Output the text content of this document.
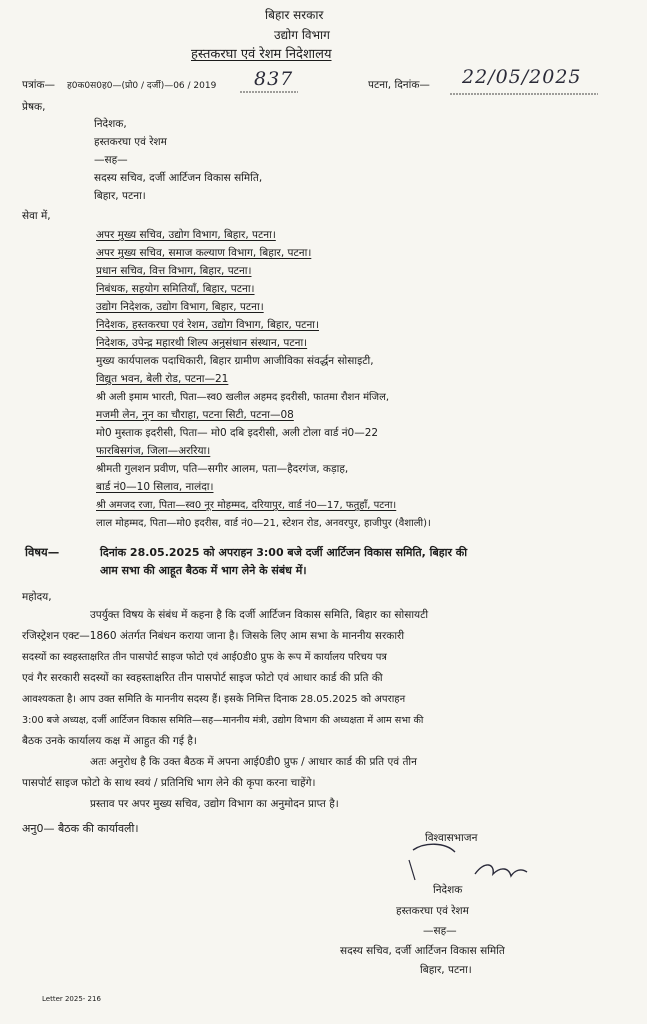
बिहार सरकार
उद्योग विभाग
हस्तकरघा एवं रेशम निदेशालय
पत्रांक— ह0क0स0ह0—(प्रो0 / दर्जी)—06 / 2019 837	पटना, दिनांक— 22/05/2025
प्रेषक,
निदेशक,
हस्तकरघा एवं रेशम
—सह—
सदस्य सचिव, दर्जी आर्टिजन विकास समिति,
बिहार, पटना।
सेवा में,
अपर मुख्य सचिव, उद्योग विभाग, बिहार, पटना।
अपर मुख्य सचिव, समाज कल्याण विभाग, बिहार, पटना।
प्रधान सचिव, वित्त विभाग, बिहार, पटना।
निबंधक, सहयोग समितियाँ, बिहार, पटना।
उद्योग निदेशक, उद्योग विभाग, बिहार, पटना।
निदेशक, हस्तकरघा एवं रेशम, उद्योग विभाग, बिहार, पटना।
निदेशक, उपेन्द्र महारथी शिल्प अनुसंधान संस्थान, पटना।
मुख्य कार्यपालक पदाधिकारी, बिहार ग्रामीण आजीविका संवर्द्धन सोसाइटी,
विद्युत भवन, बेली रोड, पटना—21
श्री अली इमाम भारती, पिता—स्व0 खलील अहमद इदरीसी, फातमा रौशन मंजिल,
मजमी लेन, नून का चौराहा, पटना सिटी, पटना—08
मो0 मुस्ताक इदरीसी, पिता— मो0 दबि इदरीसी, अली टोला वार्ड नं0—22
फारबिसगंज, जिला—अररिया।
श्रीमती गुलशन प्रवीण, पति—सगीर आलम, पता—हैदरगंज, कड़ाह,
बार्ड नं0—10 सिलाव, नालंदा।
श्री अमजद रजा, पिता—स्व0 नूर मोहम्मद, दरियापुर, वार्ड नं0—17, फतुहाँ, पटना।
लाल मोहम्मद, पिता—मो0 इदरीस, वार्ड नं0—21, स्टेशन रोड, अनवरपुर, हाजीपुर (वैशाली)।
विषय—	दिनांक 28.05.2025 को अपराहन 3:00 बजे दर्जी आर्टिजन विकास समिति, बिहार की
आम सभा की आहूत बैठक में भाग लेने के संबंध में।
महोदय,
उपर्युक्त विषय के संबंध में कहना है कि दर्जी आर्टिजन विकास समिति, बिहार का सोसायटी
रजिस्ट्रेशन एक्ट—1860 अंतर्गत निबंधन कराया जाना है। जिसके लिए आम सभा के माननीय सरकारी
सदस्यों का स्वहस्ताक्षरित तीन पासपोर्ट साइज फोटो एवं आई0डी0 प्रुफ के रूप में कार्यालय परिचय पत्र
एवं गैर सरकारी सदस्यों का स्वहस्ताक्षरित तीन पासपोर्ट साइज फोटो एवं आधार कार्ड की प्रति की
आवश्यकता है। आप उक्त समिति के माननीय सदस्य हैं। इसके निमित्त दिनाक 28.05.2025 को अपराहन
3:00 बजे अध्यक्ष, दर्जी आर्टिजन विकास समिति—सह—माननीय मंत्री, उद्योग विभाग की अध्यक्षता में आम सभा की
बैठक उनके कार्यालय कक्ष में आहुत की गई है।
अतः अनुरोध है कि उक्त बैठक में अपना आई0डी0 प्रुफ / आधार कार्ड की प्रति एवं तीन
पासपोर्ट साइज फोटो के साथ स्वयं / प्रतिनिधि भाग लेने की कृपा करना चाहेंगे।
प्रस्ताव पर अपर मुख्य सचिव, उद्योग विभाग का अनुमोदन प्राप्त है।
अनु0— बैठक की कार्यावली।
विश्वासभाजन
निदेशक
हस्तकरघा एवं रेशम
—सह—
सदस्य सचिव, दर्जी आर्टिजन विकास समिति
बिहार, पटना।
Letter 2025- 216
